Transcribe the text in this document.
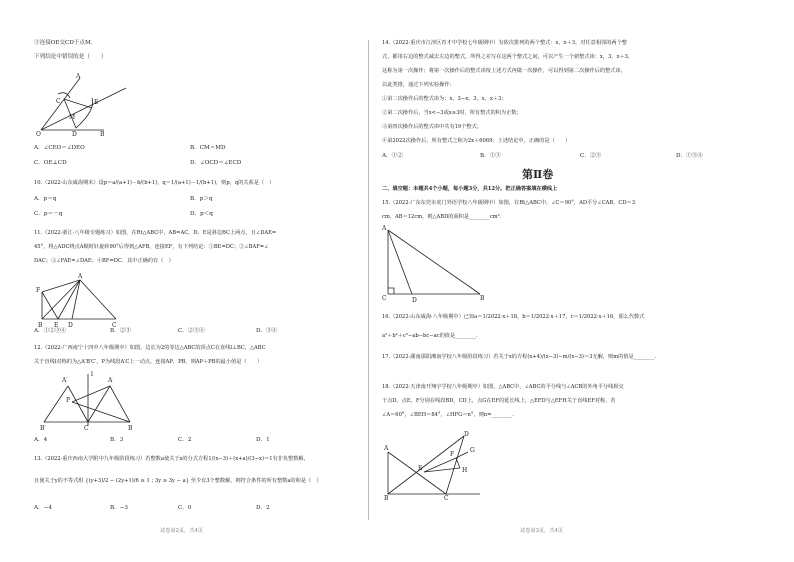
③连接OE交CD于点M．
下列结论中错误的是（　　）
A
C	E
M
D
O	B
A．∠CEO＝∠DEO	B．CM＝MD
C．OE⊥CD	D．∠OCD＝∠ECD
10.（2022·山东威海期末）设p＝a/(a+1)－b/(b+1)，q＝1/(a+1)－1/(b+1)，则p，q的关系是（　）
A．p＝q	B．p＞q
C．p＝－q	D．p＜q
11.（2022·浙江·八年级专题练习）如图，在Rt△ABC中，AB=AC，D、E是斜边BC上两点，且∠DAE=
45°，将△ADC绕点A顺时针旋转90°后得到△AFB，连接EF，有下列结论：①BE=DC；②∠BAF=∠
DAC；③∠FAE=∠DAE；④BF=DC．其中正确的有（　）
A
F
B E D	C
A．①②③④	B．②③	C．②③④	D．③④
12.（2022·广西南宁十四中八年级期中）如图，边长为2的等边△ABC的顶点C在直线l⊥BC，△ABC
关于直线l对称的为△A′B′C′，P为线段A′C上一动点，连接AP，PB，则AP＋PB的最小值是（　　）
A′	A
P
B′	C	B
l
A．4	B．3	C．2	D．1
13.（2022·重庆西南大学附中九年级阶段练习）若整数a使关于x的分式方程1/(x−3)＋(x+a)/(3−x)＝1有非负整数解，
且使关于y的不等式组 {(y+3)/2 − (2y+1)/6 ≥ 1 ; 3y ≥ 3y − a} 至少有3个整数解，则符合条件的所有整数a的和是（　）
A．−4	B．−3	C．0	D．2
试卷第2页，共4页
14.（2022·重庆市江津区育才中学校七年级期中）有依次排列的两个整式：x，x＋3，对任意相邻的两个整
式，都用右边的整式减去左边的整式，所得之差写在这两个整式之间，可以产生一个新整式串：x，3，x＋3，
这称为第一次操作；将第一次操作后的整式串按上述方式再做一次操作，可以得到第二次操作后的整式串，
以此类推，通过下列实验操作：
①第二次操作后的整式串为：x，3−x，3，x，x＋3；
②第二次操作后，当x<−3或x≥3时，所有整式的积为正数；
③第四次操作后的整式串中共有19个整式；
④第2022次操作后，所有整式之和为2x＋6069；上述结论中，正确的是（　　）
A．①②	B．①③	C．②③	D．①③④
第Ⅱ卷
二、填空题：本题共4个小题，每小题3分，共12分。把正确答案填在横线上
15.（2022·广东东莞市虎门外语学校八年级期中）如图，在Rt△ABC中，∠C＝90°，AD平分∠CAB，CD＝3
cm，AB＝12cm，则△ABD的面积是________cm².
A
C	D	B
16.（2022·山东威海·八年级期中）已知a＝1/2022·x＋18，b＝1/2022·x＋17，c＝1/2022·x＋16，那么代数式
a²＋b²＋c²−ab−bc−ac的值是________.
17.（2022·湖南邵阳湘南学校八年级阶段练习）若关于x的方程(x+4)/(x−3)−m/(x−3)＝3无解，则m的值是________.
18.（2022·天津南开翔宇学校八年级期中）如图，△ABC中，∠ABC的平分线与∠ACB的外角平分线相交
于点D，点E，F分别在线段BD，CD上，点G在EF的延长线上，△EFD与△EFH关于直线EF对称，若
∠A＝60°，∠BEH＝84°，∠HFG＝n°，则n=________.
A
B	C
D
E
F
G
H
试卷第3页，共4页
